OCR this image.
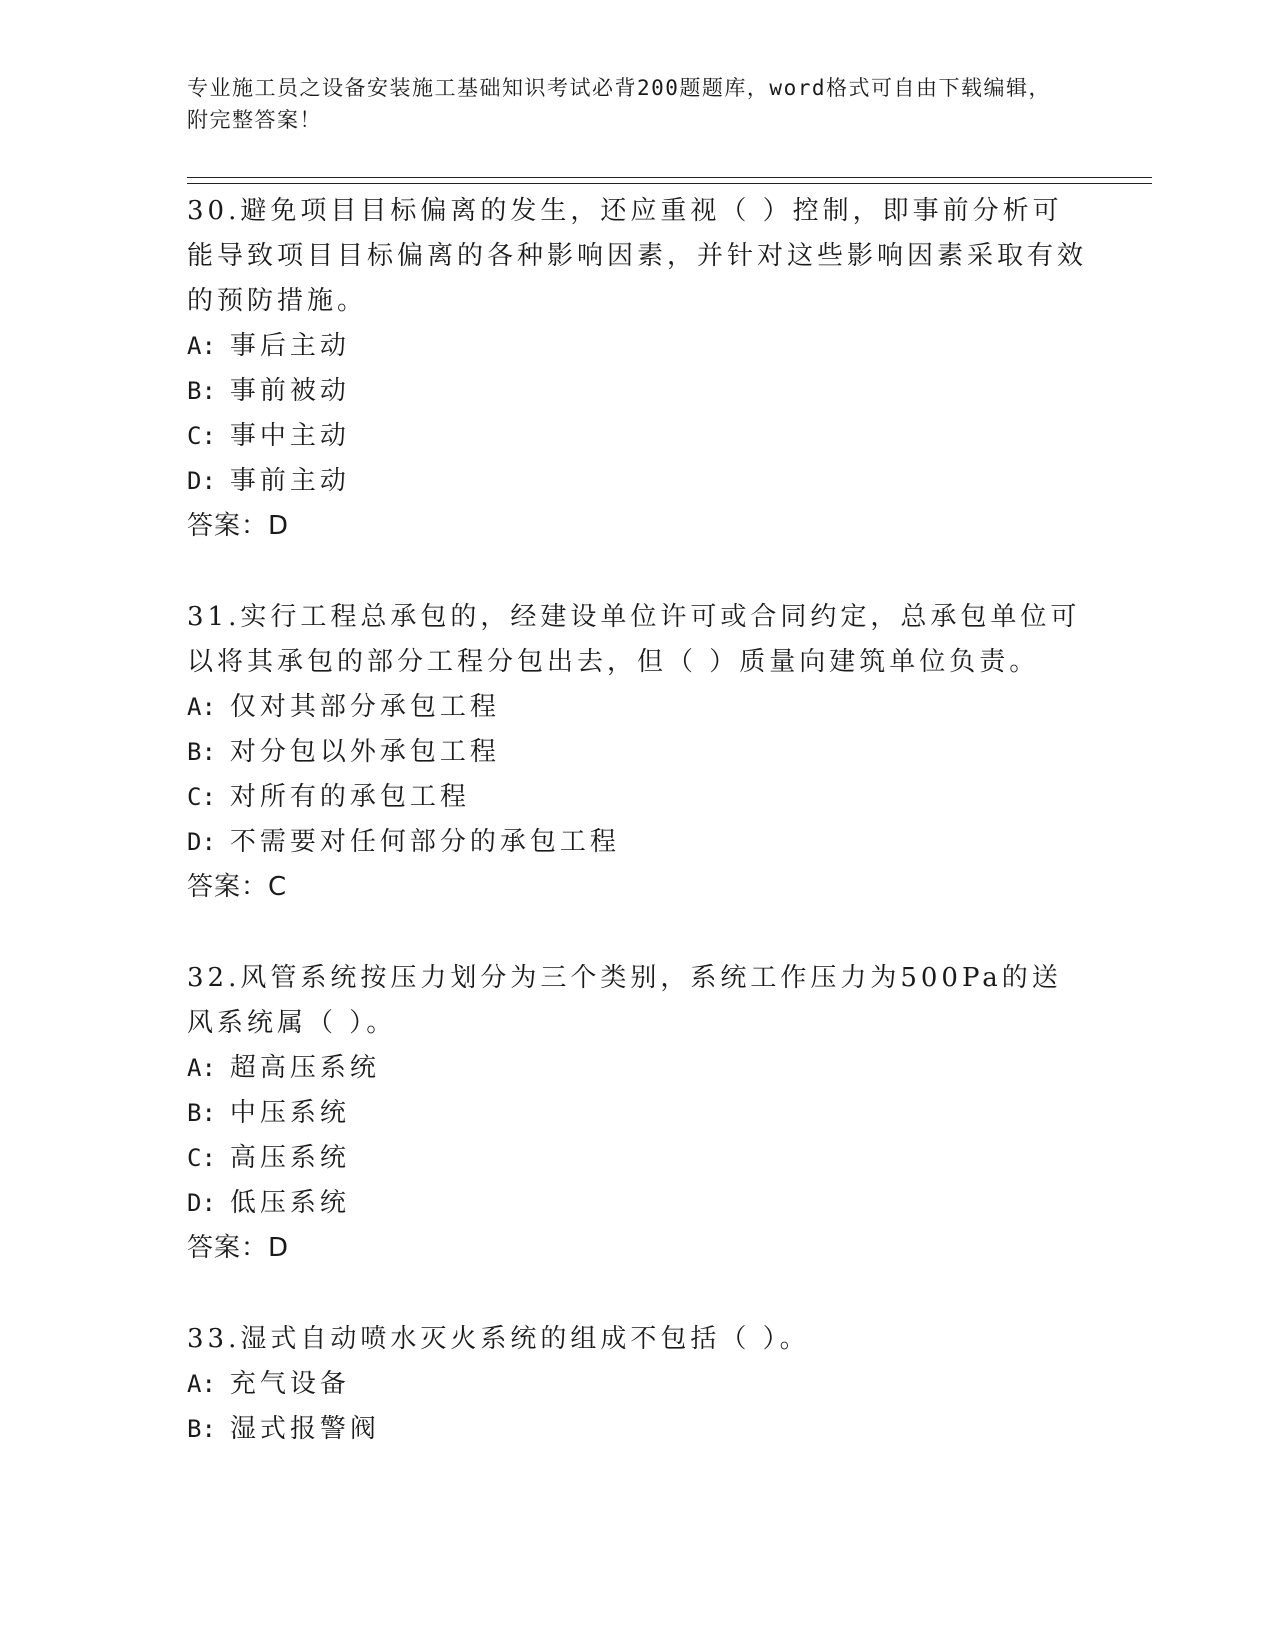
专业施工员之设备安装施工基础知识考试必背200题题库，word格式可自由下载编辑，附完整答案！

30.避免项目目标偏离的发生，还应重视（ ）控制，即事前分析可能导致项目目标偏离的各种影响因素，并针对这些影响因素采取有效的预防措施。

A: 事后主动

B: 事前被动

C: 事中主动

D: 事前主动

答案：D

31.实行工程总承包的，经建设单位许可或合同约定，总承包单位可以将其承包的部分工程分包出去，但（ ）质量向建筑单位负责。

A: 仅对其部分承包工程

B: 对分包以外承包工程

C: 对所有的承包工程

D: 不需要对任何部分的承包工程

答案：C

32.风管系统按压力划分为三个类别，系统工作压力为500Pa的送风系统属（ ）。

A: 超高压系统

B: 中压系统

C: 高压系统

D: 低压系统

答案：D

33.湿式自动喷水灭火系统的组成不包括（ ）。

A: 充气设备

B: 湿式报警阀
